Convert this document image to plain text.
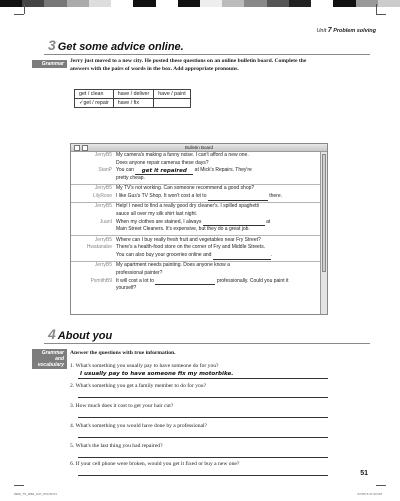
Unit 7 Problem solving
3 Get some advice online.
Grammar	Jerry just moved to a new city. He posted these questions on an online bulletin board. Complete the answers with the pairs of words in the box. Add appropriate pronouns.
get / clean	have / deliver	have / paint
✓get / repair	have / fix	
Bulletin Board
JerryB5 My camera's making a funny noise. I can't afford a new one.
Does anyone repair cameras these days?
StanP You can get it repaired at Mick's Repairs. They're
pretty cheap.
JerryB5 My TV's not working. Can someone recommend a good shop?
LilyRose I like Gus's TV Shop. It won't cost a lot to	there.
JerryB5 Help! I need to find a really good dry cleaner's. I spilled spaghetti
sauce all over my silk shirt last night.
JuanI When my clothes are stained, I always	at
Main Street Cleaners. It's expensive, but they do a great job.
JerryB5 Where can I buy really fresh fruit and vegetables near Fry Street?
Hwatanabe There's a health-food store on the corner of Fry and Middle Streets.
You can also buy your groceries online and	.
JerryB5 My apartment needs painting. Does anyone know a
professional painter?
PsmithB9 It will cost a lot to	professionally. Could you paint it
yourself?
4 About you
Grammar and vocabulary
Answer the questions with true information.
1. What's something you usually pay to have someone do for you?
I usually pay to have someone fix my motorbike.
2. What's something you get a family member to do for you?
3. How much does it cost to get your hair cut?
4. What's something you would have done by a professional?
5. What's the last thing you had repaired?
6. If your cell phone were broken, would you get it fixed or buy a new one?
51
9999_TS_WB4_U07_P04.56 51	6/7/06 5:37:33 PM
